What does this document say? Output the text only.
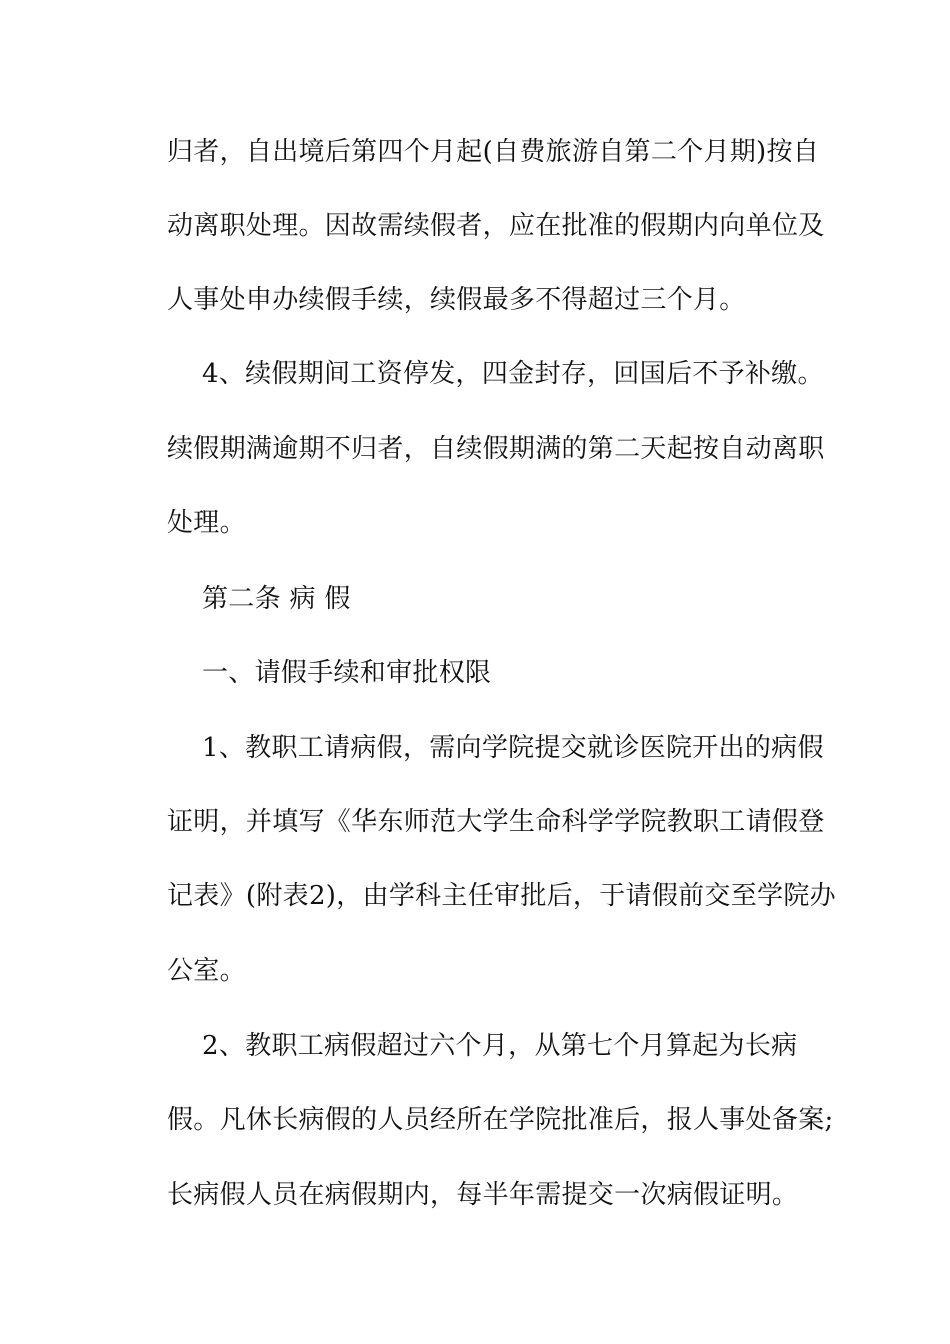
归者，自出境后第四个月起(自费旅游自第二个月期)按自
动离职处理。因故需续假者，应在批准的假期内向单位及
人事处申办续假手续，续假最多不得超过三个月。
4、续假期间工资停发，四金封存，回国后不予补缴。
续假期满逾期不归者，自续假期满的第二天起按自动离职
处理。
第二条 病 假
一、请假手续和审批权限
1、教职工请病假，需向学院提交就诊医院开出的病假
证明，并填写《华东师范大学生命科学学院教职工请假登
记表》(附表2)，由学科主任审批后，于请假前交至学院办
公室。
2、教职工病假超过六个月，从第七个月算起为长病
假。凡休长病假的人员经所在学院批准后，报人事处备案;
长病假人员在病假期内，每半年需提交一次病假证明。
